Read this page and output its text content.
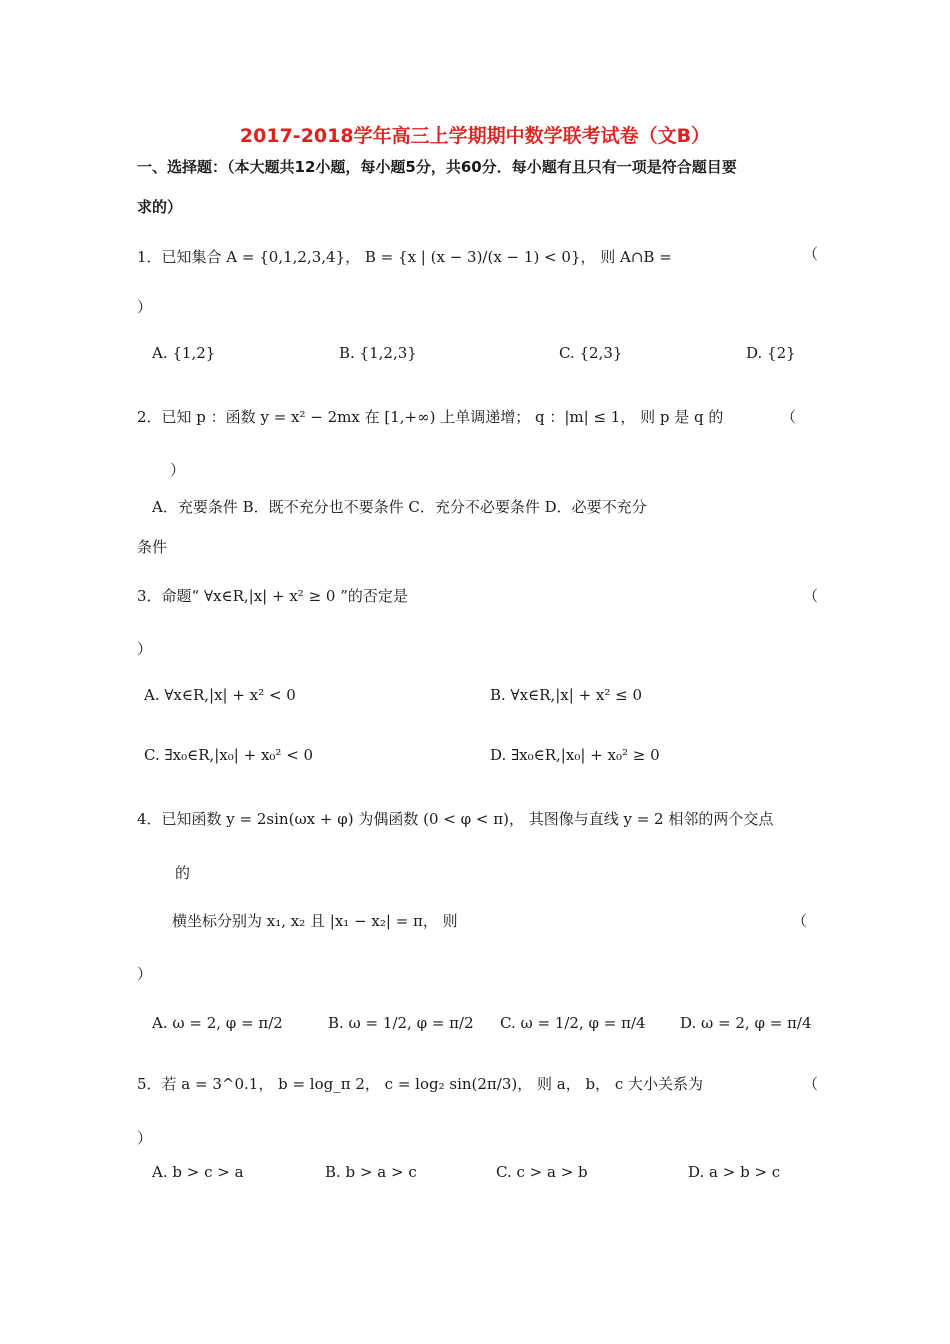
2017-2018学年高三上学期期中数学联考试卷（文B）
一、选择题：（本大题共12小题，每小题5分，共60分．每小题有且只有一项是符合题目要
求的）
1．已知集合 A = {0,1,2,3,4}， B = {x | (x − 3)/(x − 1) < 0}， 则 A∩B =	（
）
A. {1,2}	B. {1,2,3}	C. {2,3}	D. {2}
2．已知 p ：函数 y = x² − 2mx 在 [1,+∞) 上单调递增； q ：|m| ≤ 1， 则 p 是 q 的	（
）
A．充要条件 B．既不充分也不要条件 C．充分不必要条件 D．必要不充分
条件
3．命题“ ∀x∈R,|x| + x² ≥ 0 ”的否定是	（
）
A. ∀x∈R,|x| + x² < 0	B. ∀x∈R,|x| + x² ≤ 0
C. ∃x₀∈R,|x₀| + x₀² < 0	D. ∃x₀∈R,|x₀| + x₀² ≥ 0
4．已知函数 y = 2sin(ωx + φ) 为偶函数 (0 < φ < π)， 其图像与直线 y = 2 相邻的两个交点
的
横坐标分别为 x₁, x₂ 且 |x₁ − x₂| = π， 则	（
）
A. ω = 2, φ = π/2	B. ω = 1/2, φ = π/2 C. ω = 1/2, φ = π/4 D. ω = 2, φ = π/4
5．若 a = 3^0.1， b = log_π 2， c = log₂ sin(2π/3)， 则 a， b， c 大小关系为	（
）
A. b > c > a	B. b > a > c	C. c > a > b	D. a > b > c
